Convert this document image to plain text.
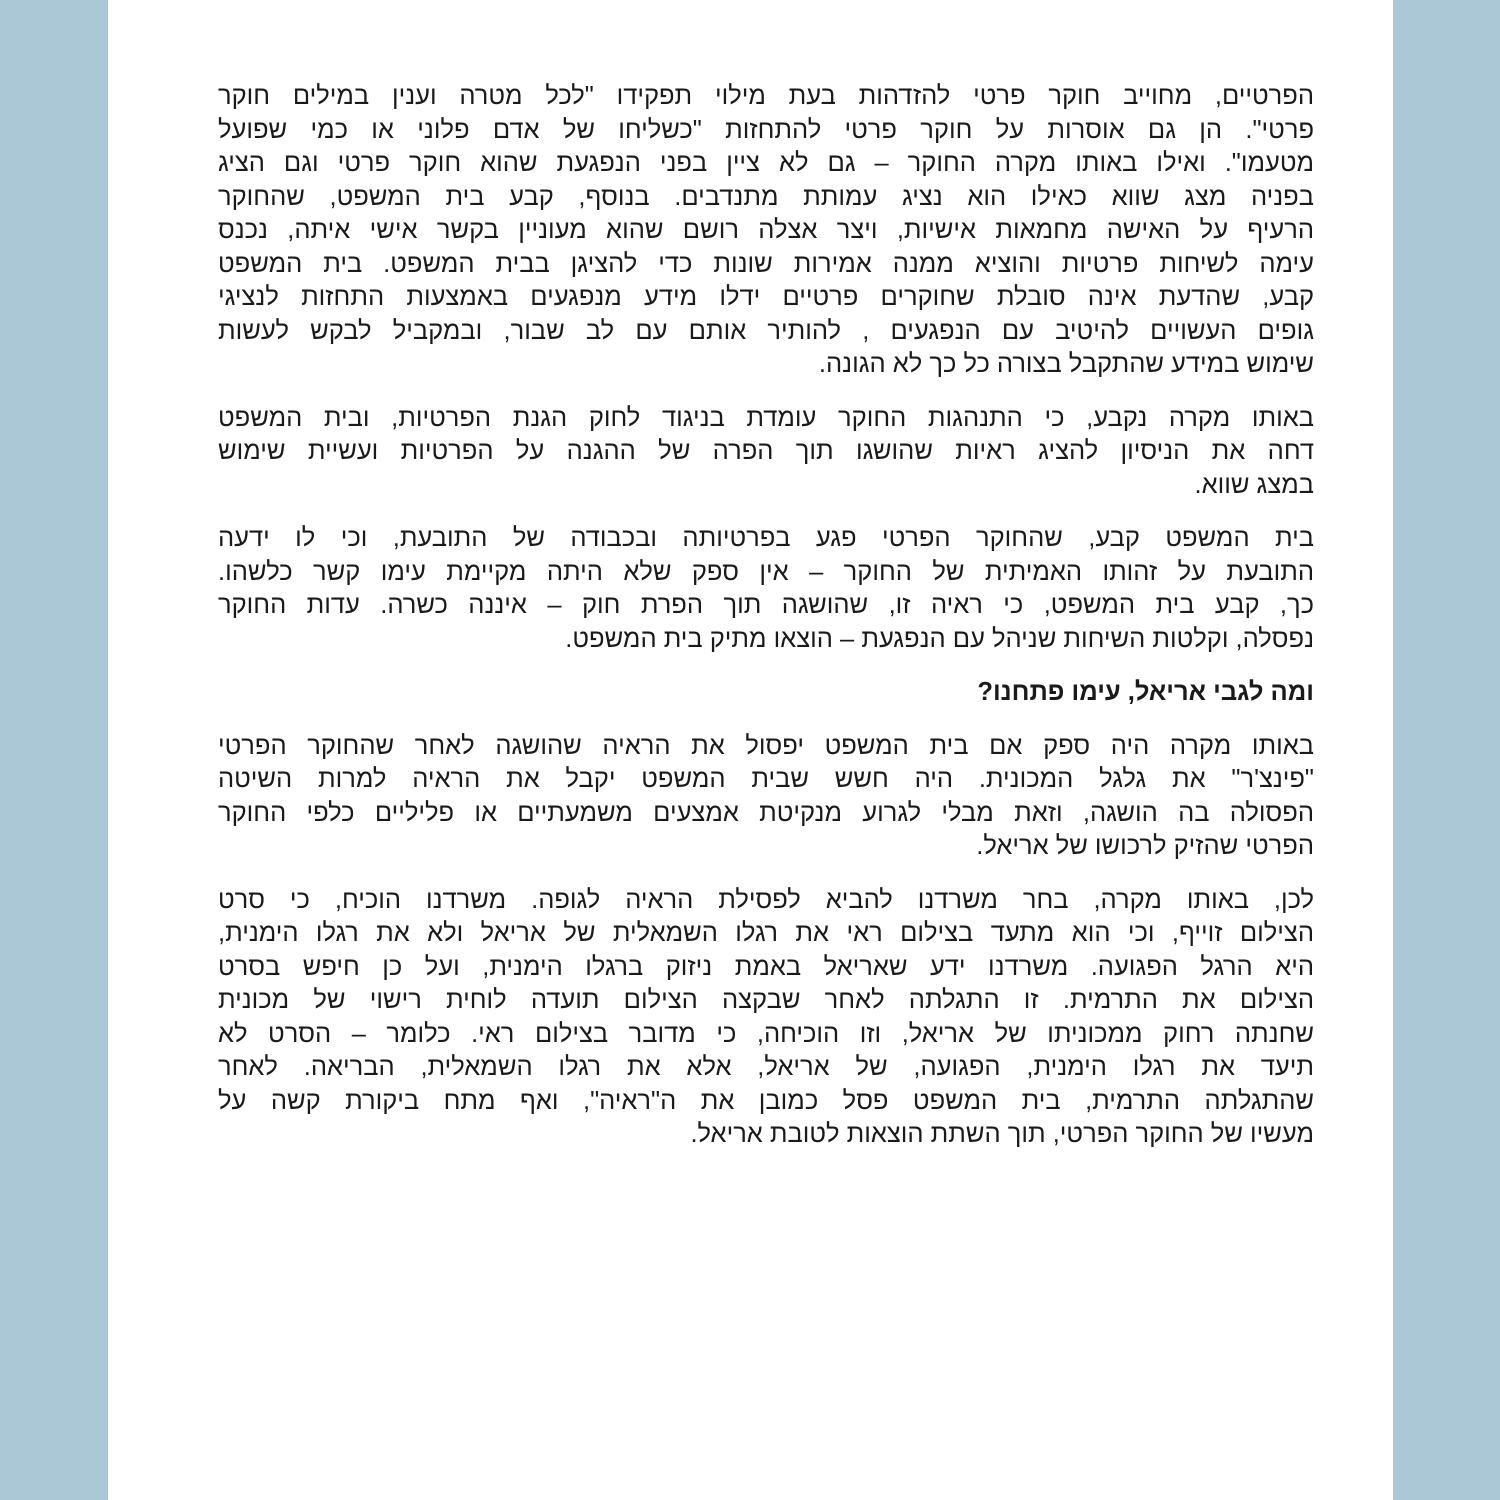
הפרטיים, מחוייב חוקר פרטי להזדהות בעת מילוי תפקידו "לכל מטרה וענין במילים חוקר
פרטי". הן גם אוסרות על חוקר פרטי להתחזות "כשליחו של אדם פלוני או כמי שפועל
מטעמו". ואילו באותו מקרה החוקר – גם לא ציין בפני הנפגעת שהוא חוקר פרטי וגם הציג
בפניה מצג שווא כאילו הוא נציג עמותת מתנדבים. בנוסף, קבע בית המשפט, שהחוקר
הרעיף על האישה מחמאות אישיות, ויצר אצלה רושם שהוא מעוניין בקשר אישי איתה, נכנס
עימה לשיחות פרטיות והוציא ממנה אמירות שונות כדי להציגן בבית המשפט. בית המשפט
קבע, שהדעת אינה סובלת שחוקרים פרטיים ידלו מידע מנפגעים באמצעות התחזות לנציגי
גופים העשויים להיטיב עם הנפגעים , להותיר אותם עם לב שבור, ובמקביל לבקש לעשות
שימוש במידע שהתקבל בצורה כל כך לא הגונה.

באותו מקרה נקבע, כי התנהגות החוקר עומדת בניגוד לחוק הגנת הפרטיות, ובית המשפט
דחה את הניסיון להציג ראיות שהושגו תוך הפרה של ההגנה על הפרטיות ועשיית שימוש
במצג שווא.

בית המשפט קבע, שהחוקר הפרטי פגע בפרטיותה ובכבודה של התובעת, וכי לו ידעה
התובעת על זהותו האמיתית של החוקר – אין ספק שלא היתה מקיימת עימו קשר כלשהו.
כך, קבע בית המשפט, כי ראיה זו, שהושגה תוך הפרת חוק – איננה כשרה. עדות החוקר
נפסלה, וקלטות השיחות שניהל עם הנפגעת – הוצאו מתיק בית המשפט.

ומה לגבי אריאל, עימו פתחנו?

באותו מקרה היה ספק אם בית המשפט יפסול את הראיה שהושגה לאחר שהחוקר הפרטי
"פינצ'ר" את גלגל המכונית. היה חשש שבית המשפט יקבל את הראיה למרות השיטה
הפסולה בה הושגה, וזאת מבלי לגרוע מנקיטת אמצעים משמעתיים או פליליים כלפי החוקר
הפרטי שהזיק לרכושו של אריאל.

לכן, באותו מקרה, בחר משרדנו להביא לפסילת הראיה לגופה. משרדנו הוכיח, כי סרט
הצילום זוייף, וכי הוא מתעד בצילום ראי את רגלו השמאלית של אריאל ולא את רגלו הימנית,
היא הרגל הפגועה. משרדנו ידע שאריאל באמת ניזוק ברגלו הימנית, ועל כן חיפש בסרט
הצילום את התרמית. זו התגלתה לאחר שבקצה הצילום תועדה לוחית רישוי של מכונית
שחנתה רחוק ממכוניתו של אריאל, וזו הוכיחה, כי מדובר בצילום ראי. כלומר – הסרט לא
תיעד את רגלו הימנית, הפגועה, של אריאל, אלא את רגלו השמאלית, הבריאה. לאחר
שהתגלתה התרמית, בית המשפט פסל כמובן את ה"ראיה", ואף מתח ביקורת קשה על
מעשיו של החוקר הפרטי, תוך השתת הוצאות לטובת אריאל.
